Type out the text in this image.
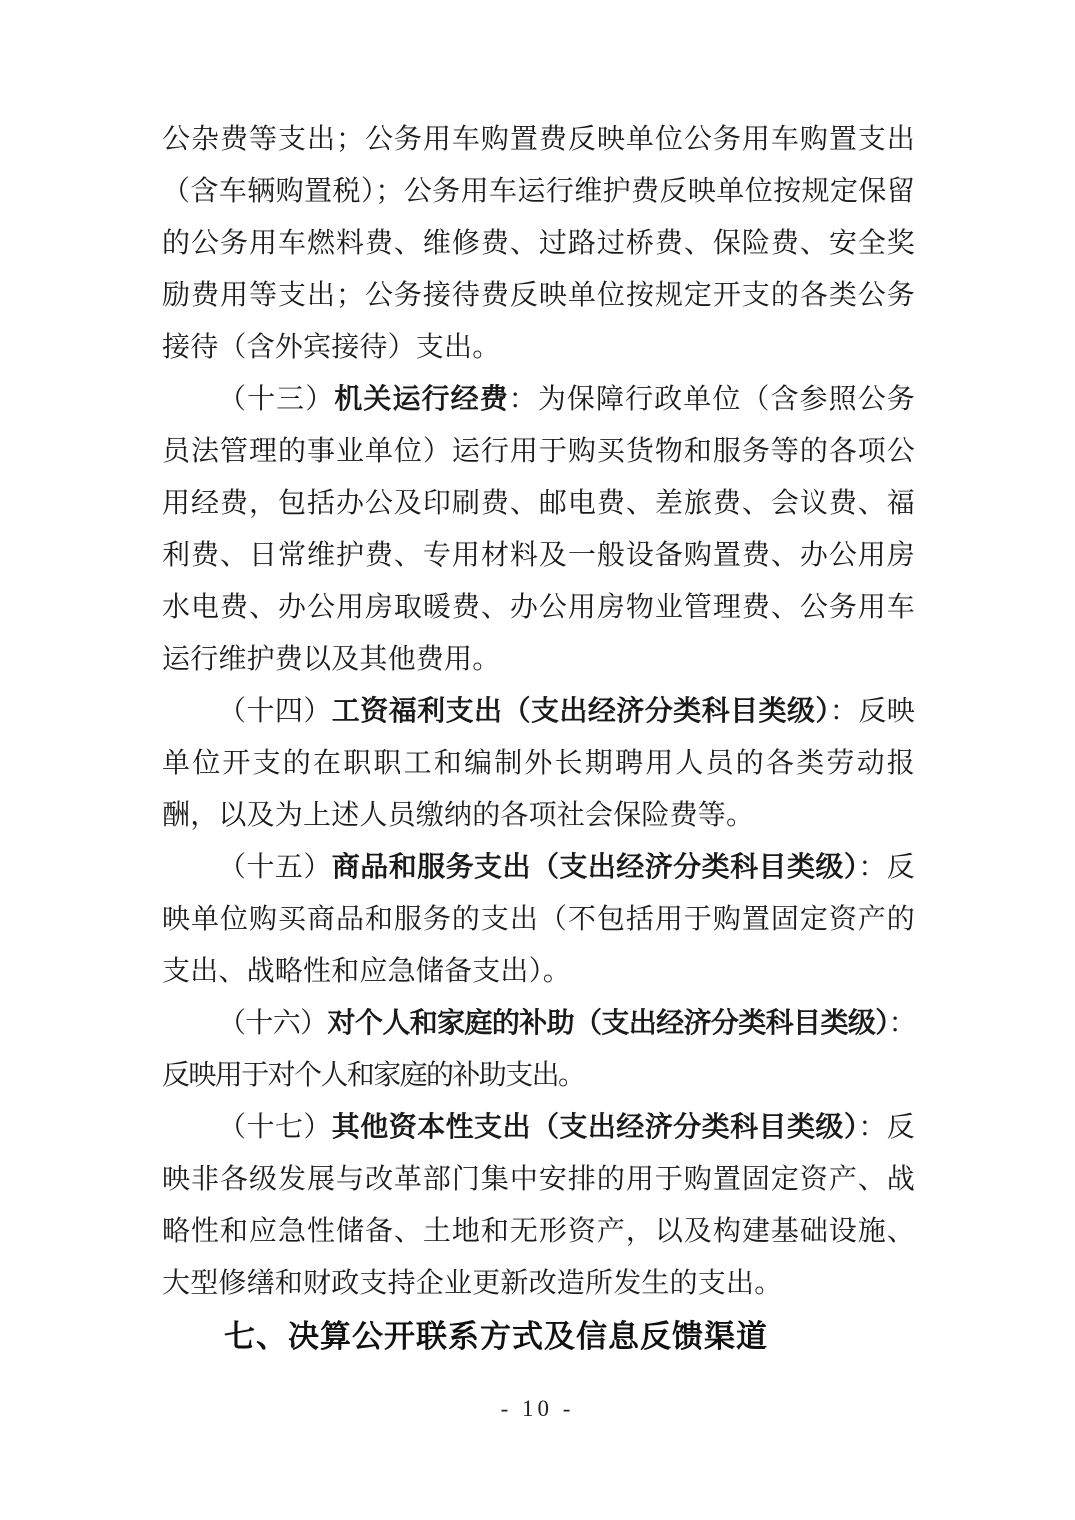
公杂费等支出；公务用车购置费反映单位公务用车购置支出（含车辆购置税）；公务用车运行维护费反映单位按规定保留的公务用车燃料费、维修费、过路过桥费、保险费、安全奖励费用等支出；公务接待费反映单位按规定开支的各类公务接待（含外宾接待）支出。

（十三）机关运行经费：为保障行政单位（含参照公务员法管理的事业单位）运行用于购买货物和服务等的各项公用经费，包括办公及印刷费、邮电费、差旅费、会议费、福利费、日常维护费、专用材料及一般设备购置费、办公用房水电费、办公用房取暖费、办公用房物业管理费、公务用车运行维护费以及其他费用。

（十四）工资福利支出（支出经济分类科目类级）：反映单位开支的在职职工和编制外长期聘用人员的各类劳动报酬，以及为上述人员缴纳的各项社会保险费等。

（十五）商品和服务支出（支出经济分类科目类级）：反映单位购买商品和服务的支出（不包括用于购置固定资产的支出、战略性和应急储备支出）。

（十六）对个人和家庭的补助（支出经济分类科目类级）：反映用于对个人和家庭的补助支出。

（十七）其他资本性支出（支出经济分类科目类级）：反映非各级发展与改革部门集中安排的用于购置固定资产、战略性和应急性储备、土地和无形资产，以及构建基础设施、大型修缮和财政支持企业更新改造所发生的支出。

七、决算公开联系方式及信息反馈渠道
- 10 -
